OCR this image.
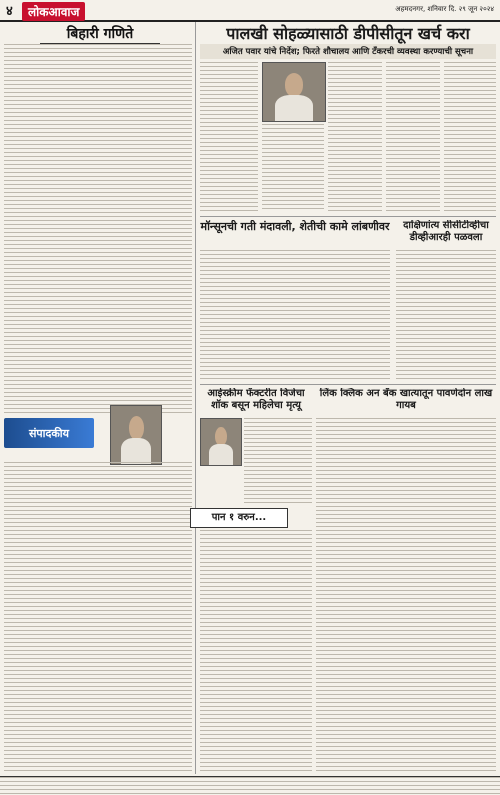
४	लोकआवाज	अहमदनगर, शनिवार दि. २९ जून २०२४
बिहारी गणिते
संपादकीय
पालखी सोहळ्यासाठी डीपीसीतून खर्च करा
अजित पवार यांचे निर्देश; फिरते शौचालय आणि टँकरची व्यवस्था करण्याची सूचना
मॉन्सूनची गती मंदावली, शेतीची कामे लांबणीवर	दाक्षिणांत्य सीसीटीव्हीचा डीव्हीआरही पळवला
आईस्क्रीम फॅक्टरीत विजेचा शॉक बसून महिलेचा मृत्यू
लिंक क्लिक अन बँक खात्यातून पावणेदोन लाख गायब
पान १ वरुन...
